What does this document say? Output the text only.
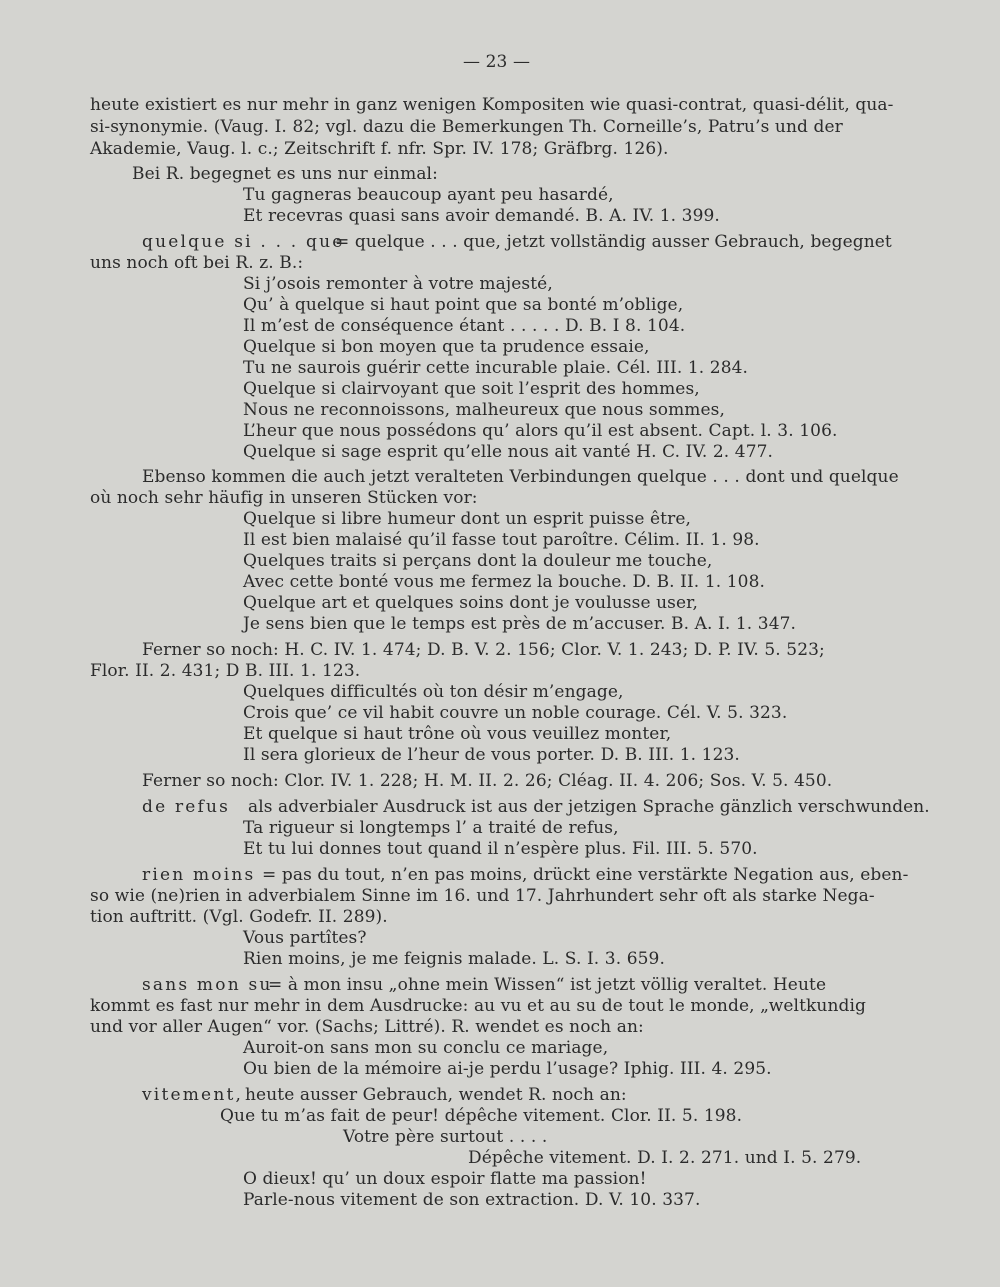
— 23 —
heute existiert es nur mehr in ganz wenigen Kompositen wie quasi-contrat, quasi-délit, qua-
si-synonymie. (Vaug. I. 82; vgl. dazu die Bemerkungen Th. Corneille’s, Patru’s und der
Akademie, Vaug. l. c.; Zeitschrift f. nfr. Spr. IV. 178; Gräfbrg. 126).
Bei R. begegnet es uns nur einmal:
Tu gagneras beaucoup ayant peu hasardé,
Et recevras quasi sans avoir demandé. B. A. IV. 1. 399.
quelque si . . . que
= quelque . . . que, jetzt vollständig ausser Gebrauch, begegnet
uns noch oft bei R. z. B.:
Si j’osois remonter à votre majesté,
Qu’ à quelque si haut point que sa bonté m’oblige,
Il m’est de conséquence étant . . . . . D. B. I 8. 104.
Quelque si bon moyen que ta prudence essaie,
Tu ne saurois guérir cette incurable plaie. Cél. III. 1. 284.
Quelque si clairvoyant que soit l’esprit des hommes,
Nous ne reconnoissons, malheureux que nous sommes,
L’heur que nous possédons qu’ alors qu’il est absent. Capt. l. 3. 106.
Quelque si sage esprit qu’elle nous ait vanté H. C. IV. 2. 477.
Ebenso kommen die auch jetzt veralteten Verbindungen quelque . . . dont und quelque
où noch sehr häufig in unseren Stücken vor:
Quelque si libre humeur dont un esprit puisse être,
Il est bien malaisé qu’il fasse tout paroître. Célim. II. 1. 98.
Quelques traits si perçans dont la douleur me touche,
Avec cette bonté vous me fermez la bouche. D. B. II. 1. 108.
Quelque art et quelques soins dont je voulusse user,
Je sens bien que le temps est près de m’accuser. B. A. I. 1. 347.
Ferner so noch: H. C. IV. 1. 474; D. B. V. 2. 156; Clor. V. 1. 243; D. P. IV. 5. 523;
Flor. II. 2. 431; D B. III. 1. 123.
Quelques difficultés où ton désir m’engage,
Crois que’ ce vil habit couvre un noble courage. Cél. V. 5. 323.
Et quelque si haut trône où vous veuillez monter,
Il sera glorieux de l’heur de vous porter. D. B. III. 1. 123.
Ferner so noch: Clor. IV. 1. 228; H. M. II. 2. 26; Cléag. II. 4. 206; Sos. V. 5. 450.
de refus als adverbialer Ausdruck ist aus der jetzigen Sprache gänzlich verschwunden.
Ta rigueur si longtemps l’ a traité de refus,
Et tu lui donnes tout quand il n’espère plus. Fil. III. 5. 570.
rien moins = pas du tout, n’en pas moins, drückt eine verstärkte Negation aus, eben-
so wie (ne)rien in adverbialem Sinne im 16. und 17. Jahrhundert sehr oft als starke Nega-
tion auftritt. (Vgl. Godefr. II. 289).
Vous partîtes?
Rien moins, je me feignis malade. L. S. I. 3. 659.
sans mon su
= à mon insu „ohne mein Wissen“ ist jetzt völlig veraltet. Heute
kommt es fast nur mehr in dem Ausdrucke: au vu et au su de tout le monde, „weltkundig
und vor aller Augen“ vor. (Sachs; Littré). R. wendet es noch an:
Auroit-on sans mon su conclu ce mariage,
Ou bien de la mémoire ai-je perdu l’usage? Iphig. III. 4. 295.
vitement, heute ausser Gebrauch, wendet R. noch an:
Que tu m’as fait de peur! dépêche vitement. Clor. II. 5. 198.
Votre père surtout . . . .
Dépêche vitement. D. I. 2. 271. und I. 5. 279.
O dieux! qu’ un doux espoir flatte ma passion!
Parle-nous vitement de son extraction. D. V. 10. 337.
